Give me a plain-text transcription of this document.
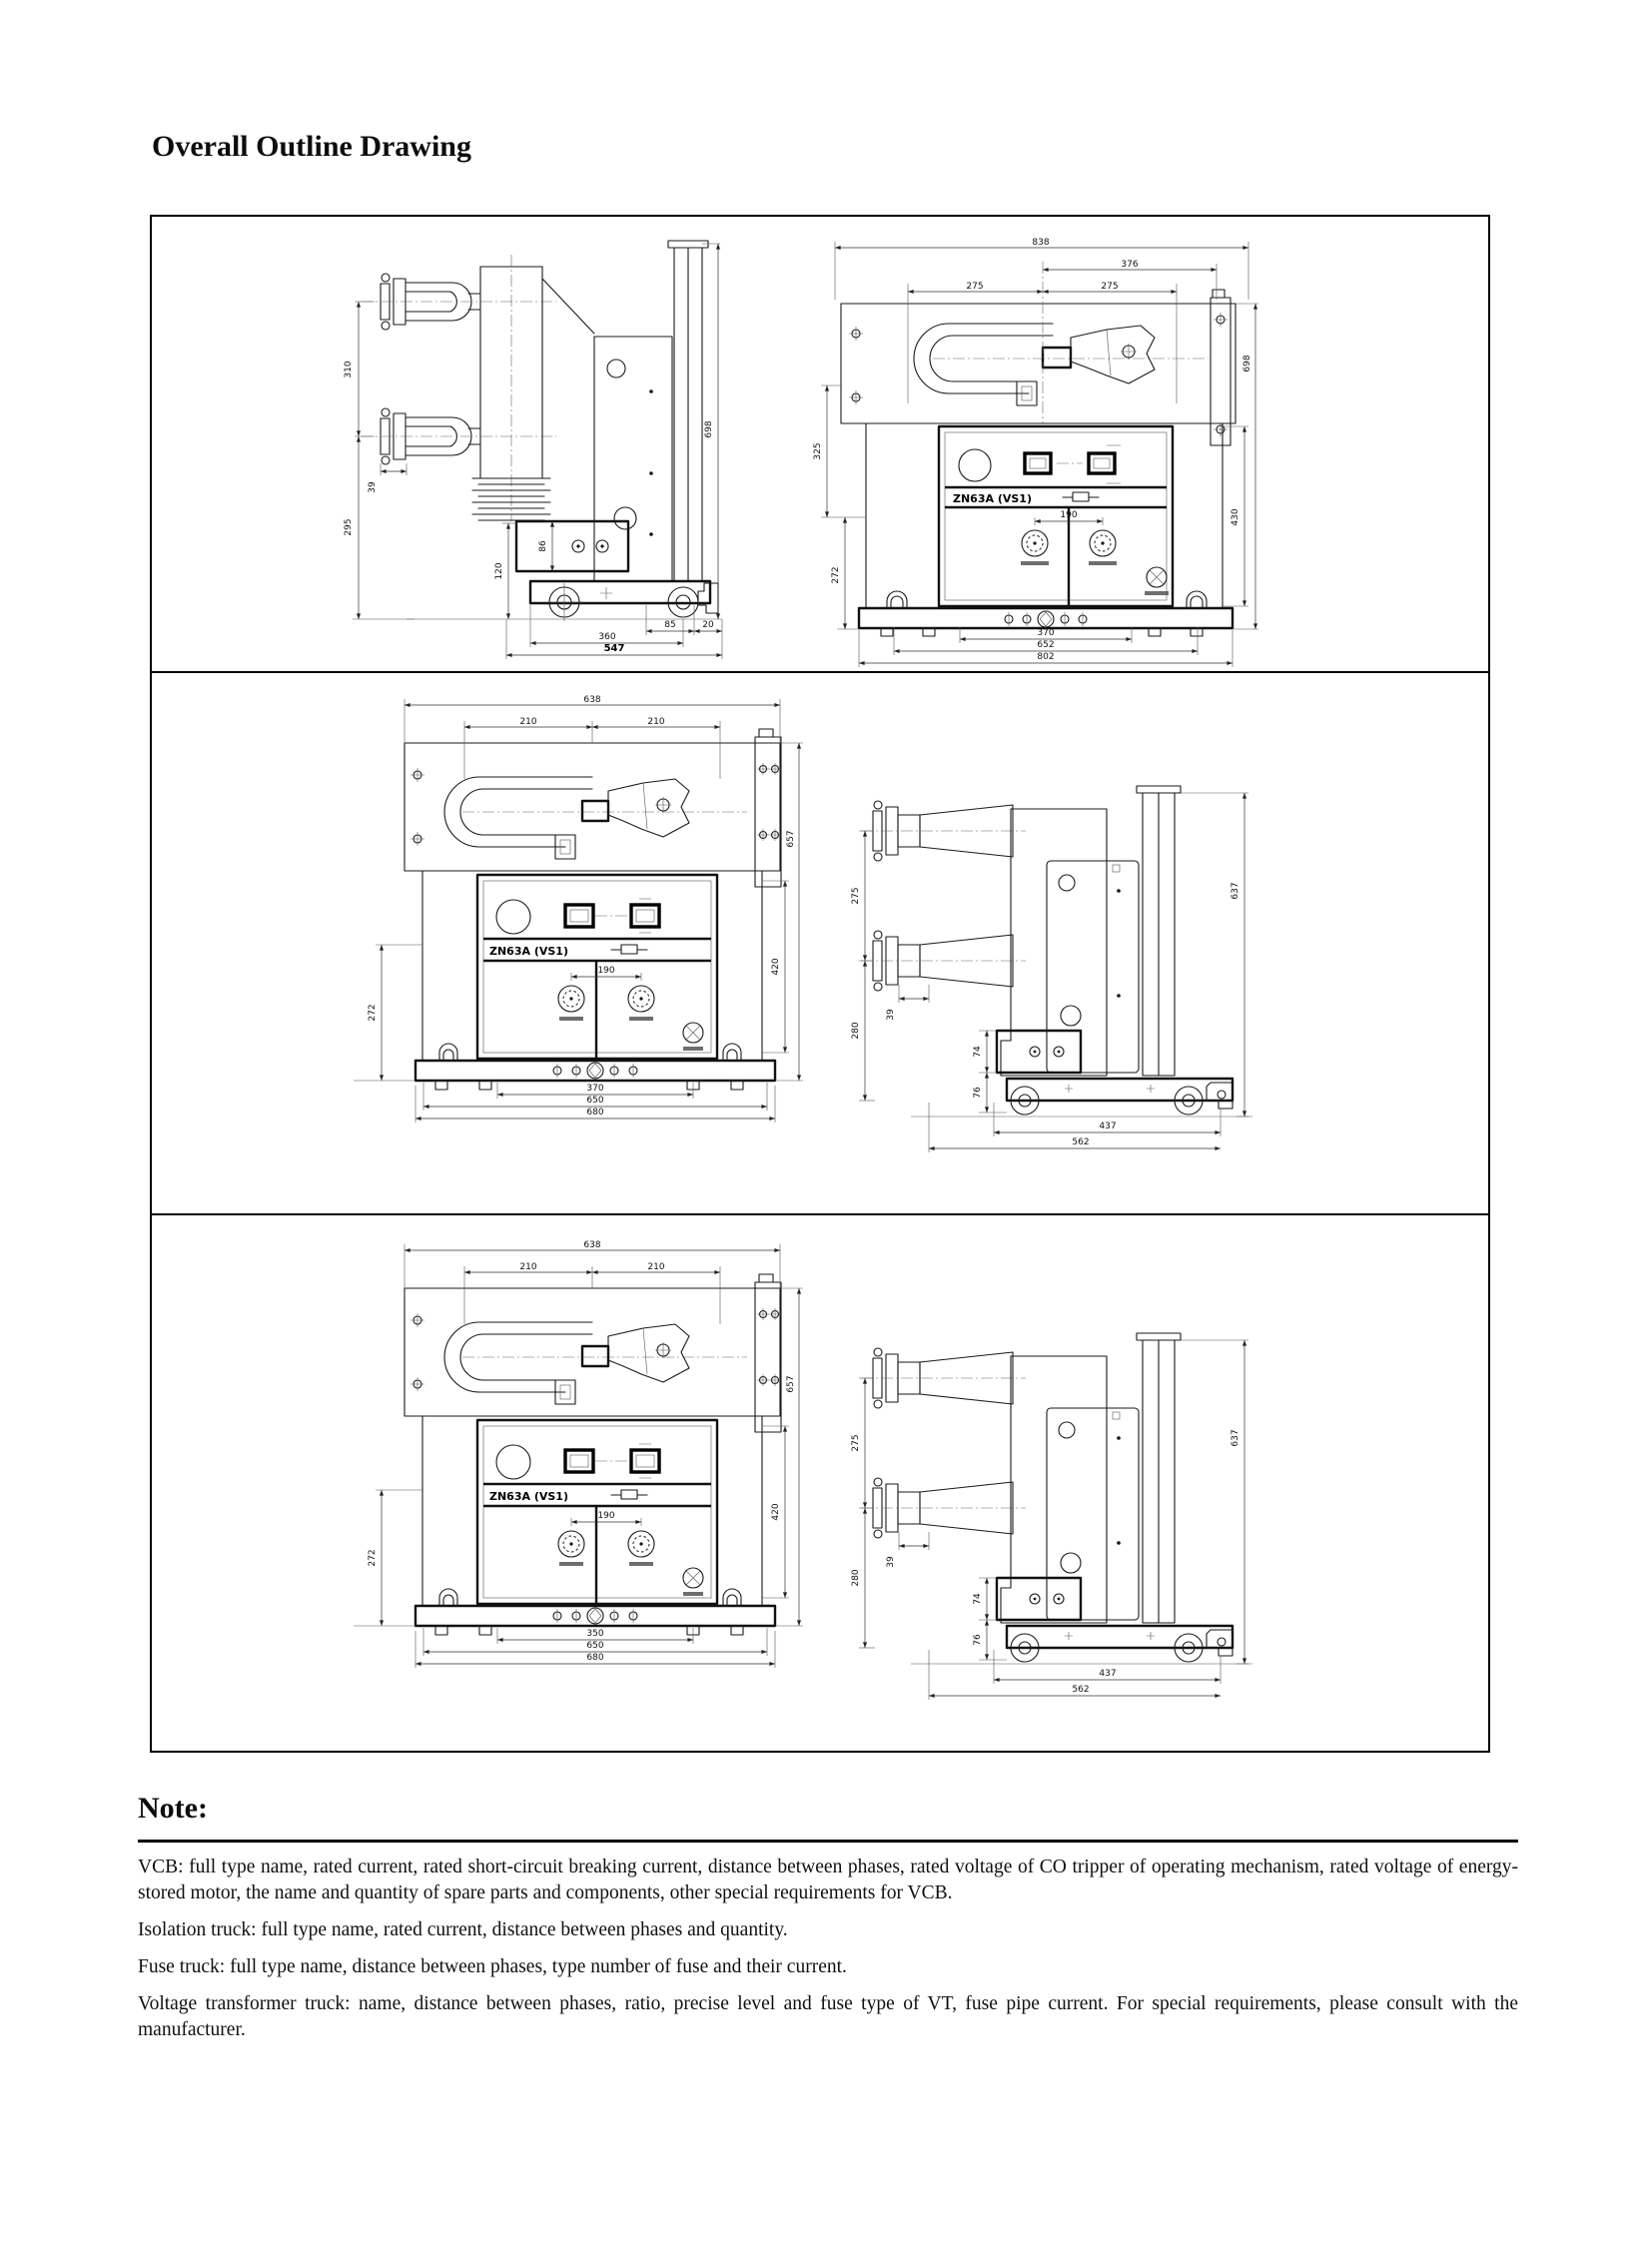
Overall Outline Drawing
310
295
39
120
86
85	20
360
547
698
ZN63A (VS1)
838
376
275	275
190
370
652
802
325
272
430
698
ZN63A (VS1)
638
210	210
190
370
650
680
272
420
657
275
280
39
74
76
437
562
637
ZN63A (VS1)
638
210	210
190
350
650
680
272
420
657
275
280
39
74
76
437
562
637
Note:

VCB: full type name, rated current, rated short-circuit breaking current, distance between phases, rated voltage of CO tripper of operating mechanism, rated voltage of energy-stored motor, the name and quantity of spare parts and components, other special requirements for VCB.

Isolation truck: full type name, rated current, distance between phases and quantity.

Fuse truck: full type name, distance between phases, type number of fuse and their current.

Voltage transformer truck: name, distance between phases, ratio, precise level and fuse type of VT, fuse pipe current. For special requirements, please consult with the manufacturer.
